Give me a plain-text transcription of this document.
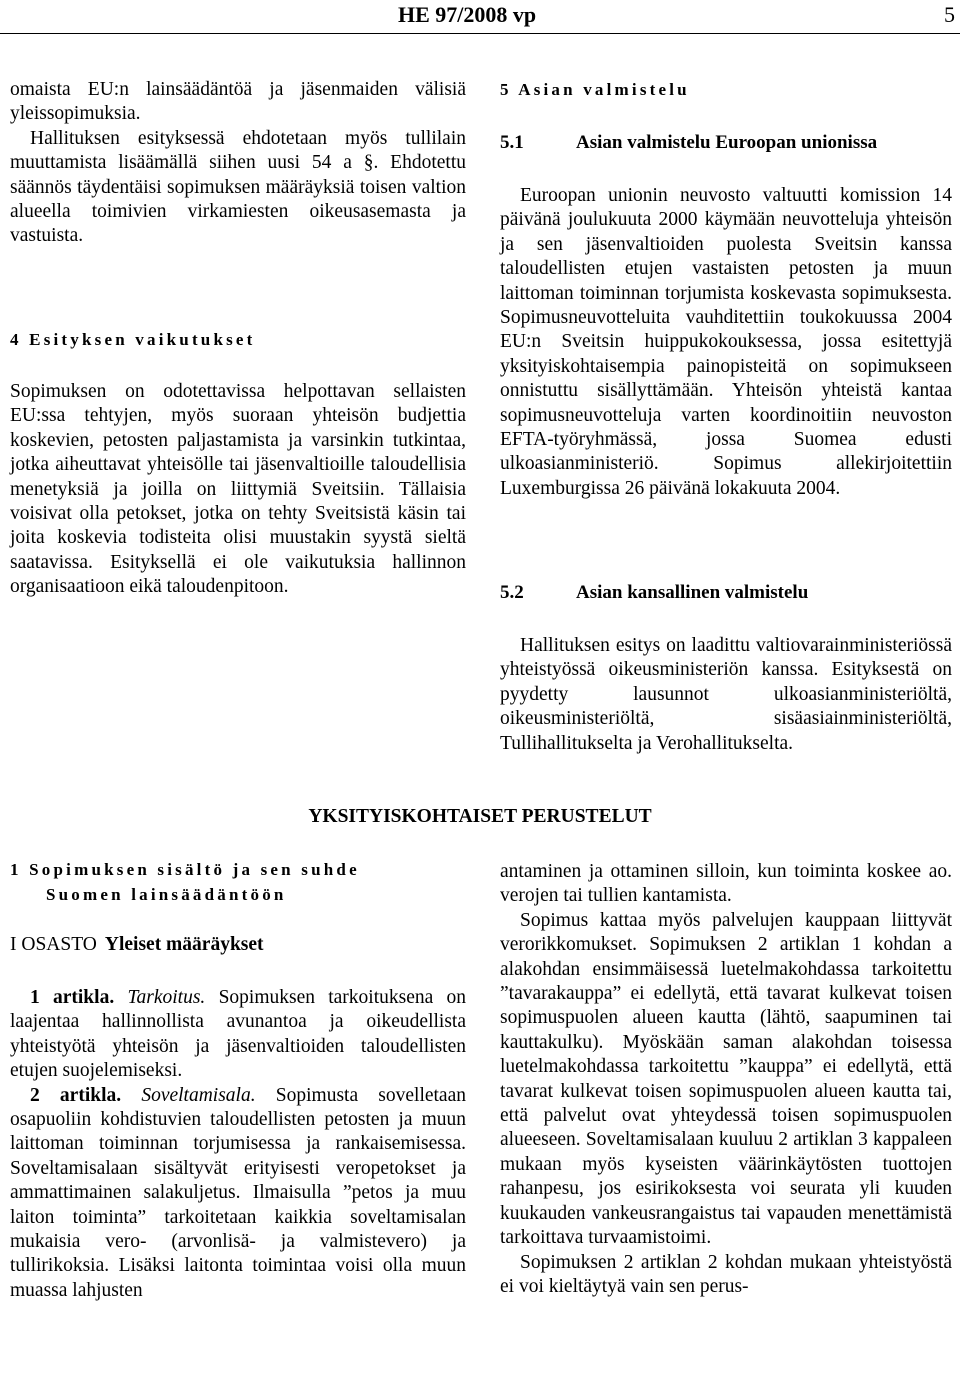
HE 97/2008 vp	5

omaista EU:n lainsäädäntöä ja jäsenmaiden välisiä yleissopimuksia.

Hallituksen esityksessä ehdotetaan myös tullilain muuttamista lisäämällä siihen uusi 54 a §. Ehdotettu säännös täydentäisi sopimuksen määräyksiä toisen valtion alueella toimivien virkamiesten oikeusasemasta ja vastuista.

4 Esityksen vaikutukset

Sopimuksen on odotettavissa helpottavan sellaisten EU:ssa tehtyjen, myös suoraan yhteisön budjettia koskevien, petosten paljastamista ja varsinkin tutkintaa, jotka aiheuttavat yhteisölle tai jäsenvaltioille taloudellisia menetyksiä ja joilla on liittymiä Sveitsiin. Tällaisia voisivat olla petokset, jotka on tehty Sveitsistä käsin tai joita koskevia todisteita olisi muustakin syystä sieltä saatavissa. Esityksellä ei ole vaikutuksia hallinnon organisaatioon eikä taloudenpitoon.

5 Asian valmistelu
5.1	Asian valmistelu Euroopan unionissa

Euroopan unionin neuvosto valtuutti komission 14 päivänä joulukuuta 2000 käymään neuvotteluja yhteisön ja sen jäsenvaltioiden puolesta Sveitsin kanssa taloudellisten etujen vastaisten petosten ja muun laittoman toiminnan torjumista koskevasta sopimuksesta. Sopimusneuvotteluita vauhditettiin toukokuussa 2004 EU:n Sveitsin huippukokouksessa, jossa esitettyjä yksityiskohtaisempia painopisteitä on sopimukseen onnistuttu sisällyttämään. Yhteisön yhteistä kantaa sopimusneuvotteluja varten koordinoitiin neuvoston EFTA-työryhmässä, jossa Suomea edusti ulkoasianministeriö. Sopimus allekirjoitettiin Luxemburgissa 26 päivänä lokakuuta 2004.

5.2	Asian kansallinen valmistelu

Hallituksen esitys on laadittu valtiovarainministeriössä yhteistyössä oikeusministeriön kanssa. Esityksestä on pyydetty lausunnot ulkoasianministeriöltä, oikeusministeriöltä, sisäasiainministeriöltä, Tullihallitukselta ja Verohallitukselta.

YKSITYISKOHTAISET PERUSTELUT
1 Sopimuksen sisältö ja sen suhde
Suomen lainsäädäntöön
I OSASTO Yleiset määräykset

1 artikla. Tarkoitus. Sopimuksen tarkoituksena on laajentaa hallinnollista avunantoa ja oikeudellista yhteistyötä yhteisön ja jäsenvaltioiden taloudellisten etujen suojelemiseksi.

2 artikla. Soveltamisala. Sopimusta sovelletaan osapuoliin kohdistuvien taloudellisten petosten ja muun laittoman toiminnan torjumisessa ja rankaisemisessa. Soveltamisalaan sisältyvät erityisesti veropetokset ja ammattimainen salakuljetus. Ilmaisulla ”petos ja muu laiton toiminta” tarkoitetaan kaikkia soveltamisalan mukaisia vero- (arvonlisä- ja valmistevero) ja tullirikoksia. Lisäksi laitonta toimintaa voisi olla muun muassa lahjusten

antaminen ja ottaminen silloin, kun toiminta koskee ao. verojen tai tullien kantamista.

Sopimus kattaa myös palvelujen kauppaan liittyvät verorikkomukset. Sopimuksen 2 artiklan 1 kohdan a alakohdan ensimmäisessä luetelmakohdassa tarkoitettu ”tavarakauppa” ei edellytä, että tavarat kulkevat toisen sopimuspuolen alueen kautta (lähtö, saapuminen tai kauttakulku). Myöskään saman alakohdan toisessa luetelmakohdassa tarkoitettu ”kauppa” ei edellytä, että tavarat kulkevat toisen sopimuspuolen alueen kautta tai, että palvelut ovat yhteydessä toisen sopimuspuolen alueeseen. Soveltamisalaan kuuluu 2 artiklan 3 kappaleen mukaan myös kyseisten väärinkäytösten tuottojen rahanpesu, jos esirikoksesta voi seurata yli kuuden kuukauden vankeusrangaistus tai vapauden menettämistä tarkoittava turvaamistoimi.

Sopimuksen 2 artiklan 2 kohdan mukaan yhteistyöstä ei voi kieltäytyä vain sen perus-
